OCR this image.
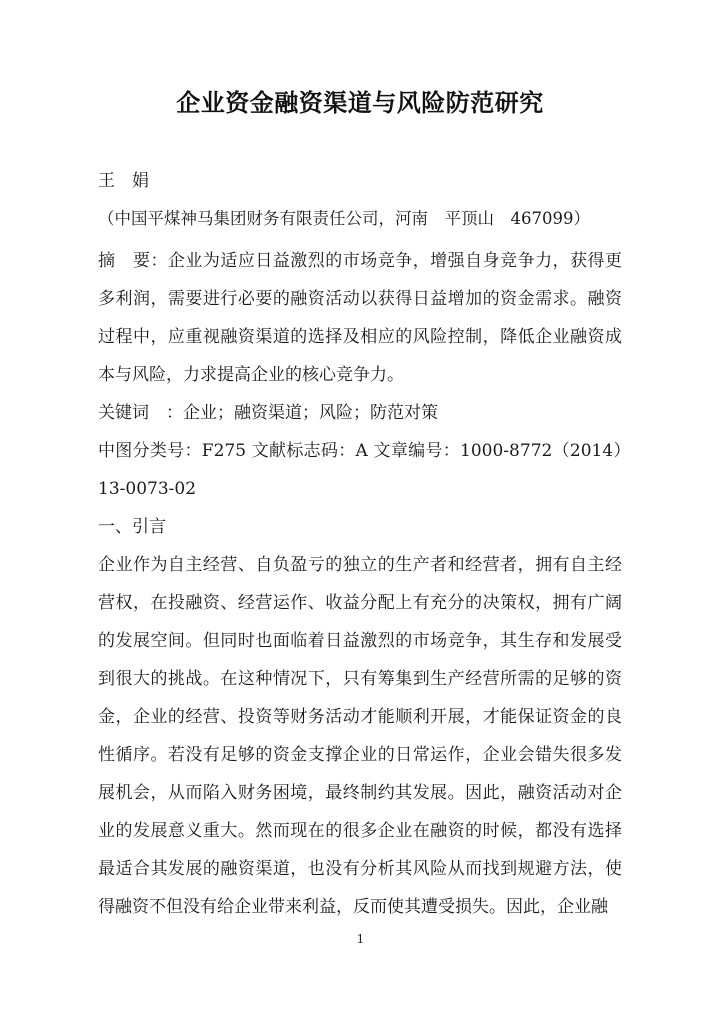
企业资金融资渠道与风险防范研究

王　娟

（中国平煤神马集团财务有限责任公司，河南　平顶山　467099）

摘　要：企业为适应日益激烈的市场竞争，增强自身竞争力，获得更多利润，需要进行必要的融资活动以获得日益增加的资金需求。融资过程中，应重视融资渠道的选择及相应的风险控制，降低企业融资成本与风险，力求提高企业的核心竞争力。

关键词　：企业；融资渠道；风险；防范对策

中图分类号：F275 文献标志码：A 文章编号：1000-8772（2014）13-0073-02

一、引言

企业作为自主经营、自负盈亏的独立的生产者和经营者，拥有自主经营权，在投融资、经营运作、收益分配上有充分的决策权，拥有广阔的发展空间。但同时也面临着日益激烈的市场竞争，其生存和发展受到很大的挑战。在这种情况下，只有筹集到生产经营所需的足够的资金，企业的经营、投资等财务活动才能顺利开展，才能保证资金的良性循序。若没有足够的资金支撑企业的日常运作，企业会错失很多发展机会，从而陷入财务困境，最终制约其发展。因此，融资活动对企业的发展意义重大。然而现在的很多企业在融资的时候，都没有选择最适合其发展的融资渠道，也没有分析其风险从而找到规避方法，使得融资不但没有给企业带来利益，反而使其遭受损失。因此，企业融

1
